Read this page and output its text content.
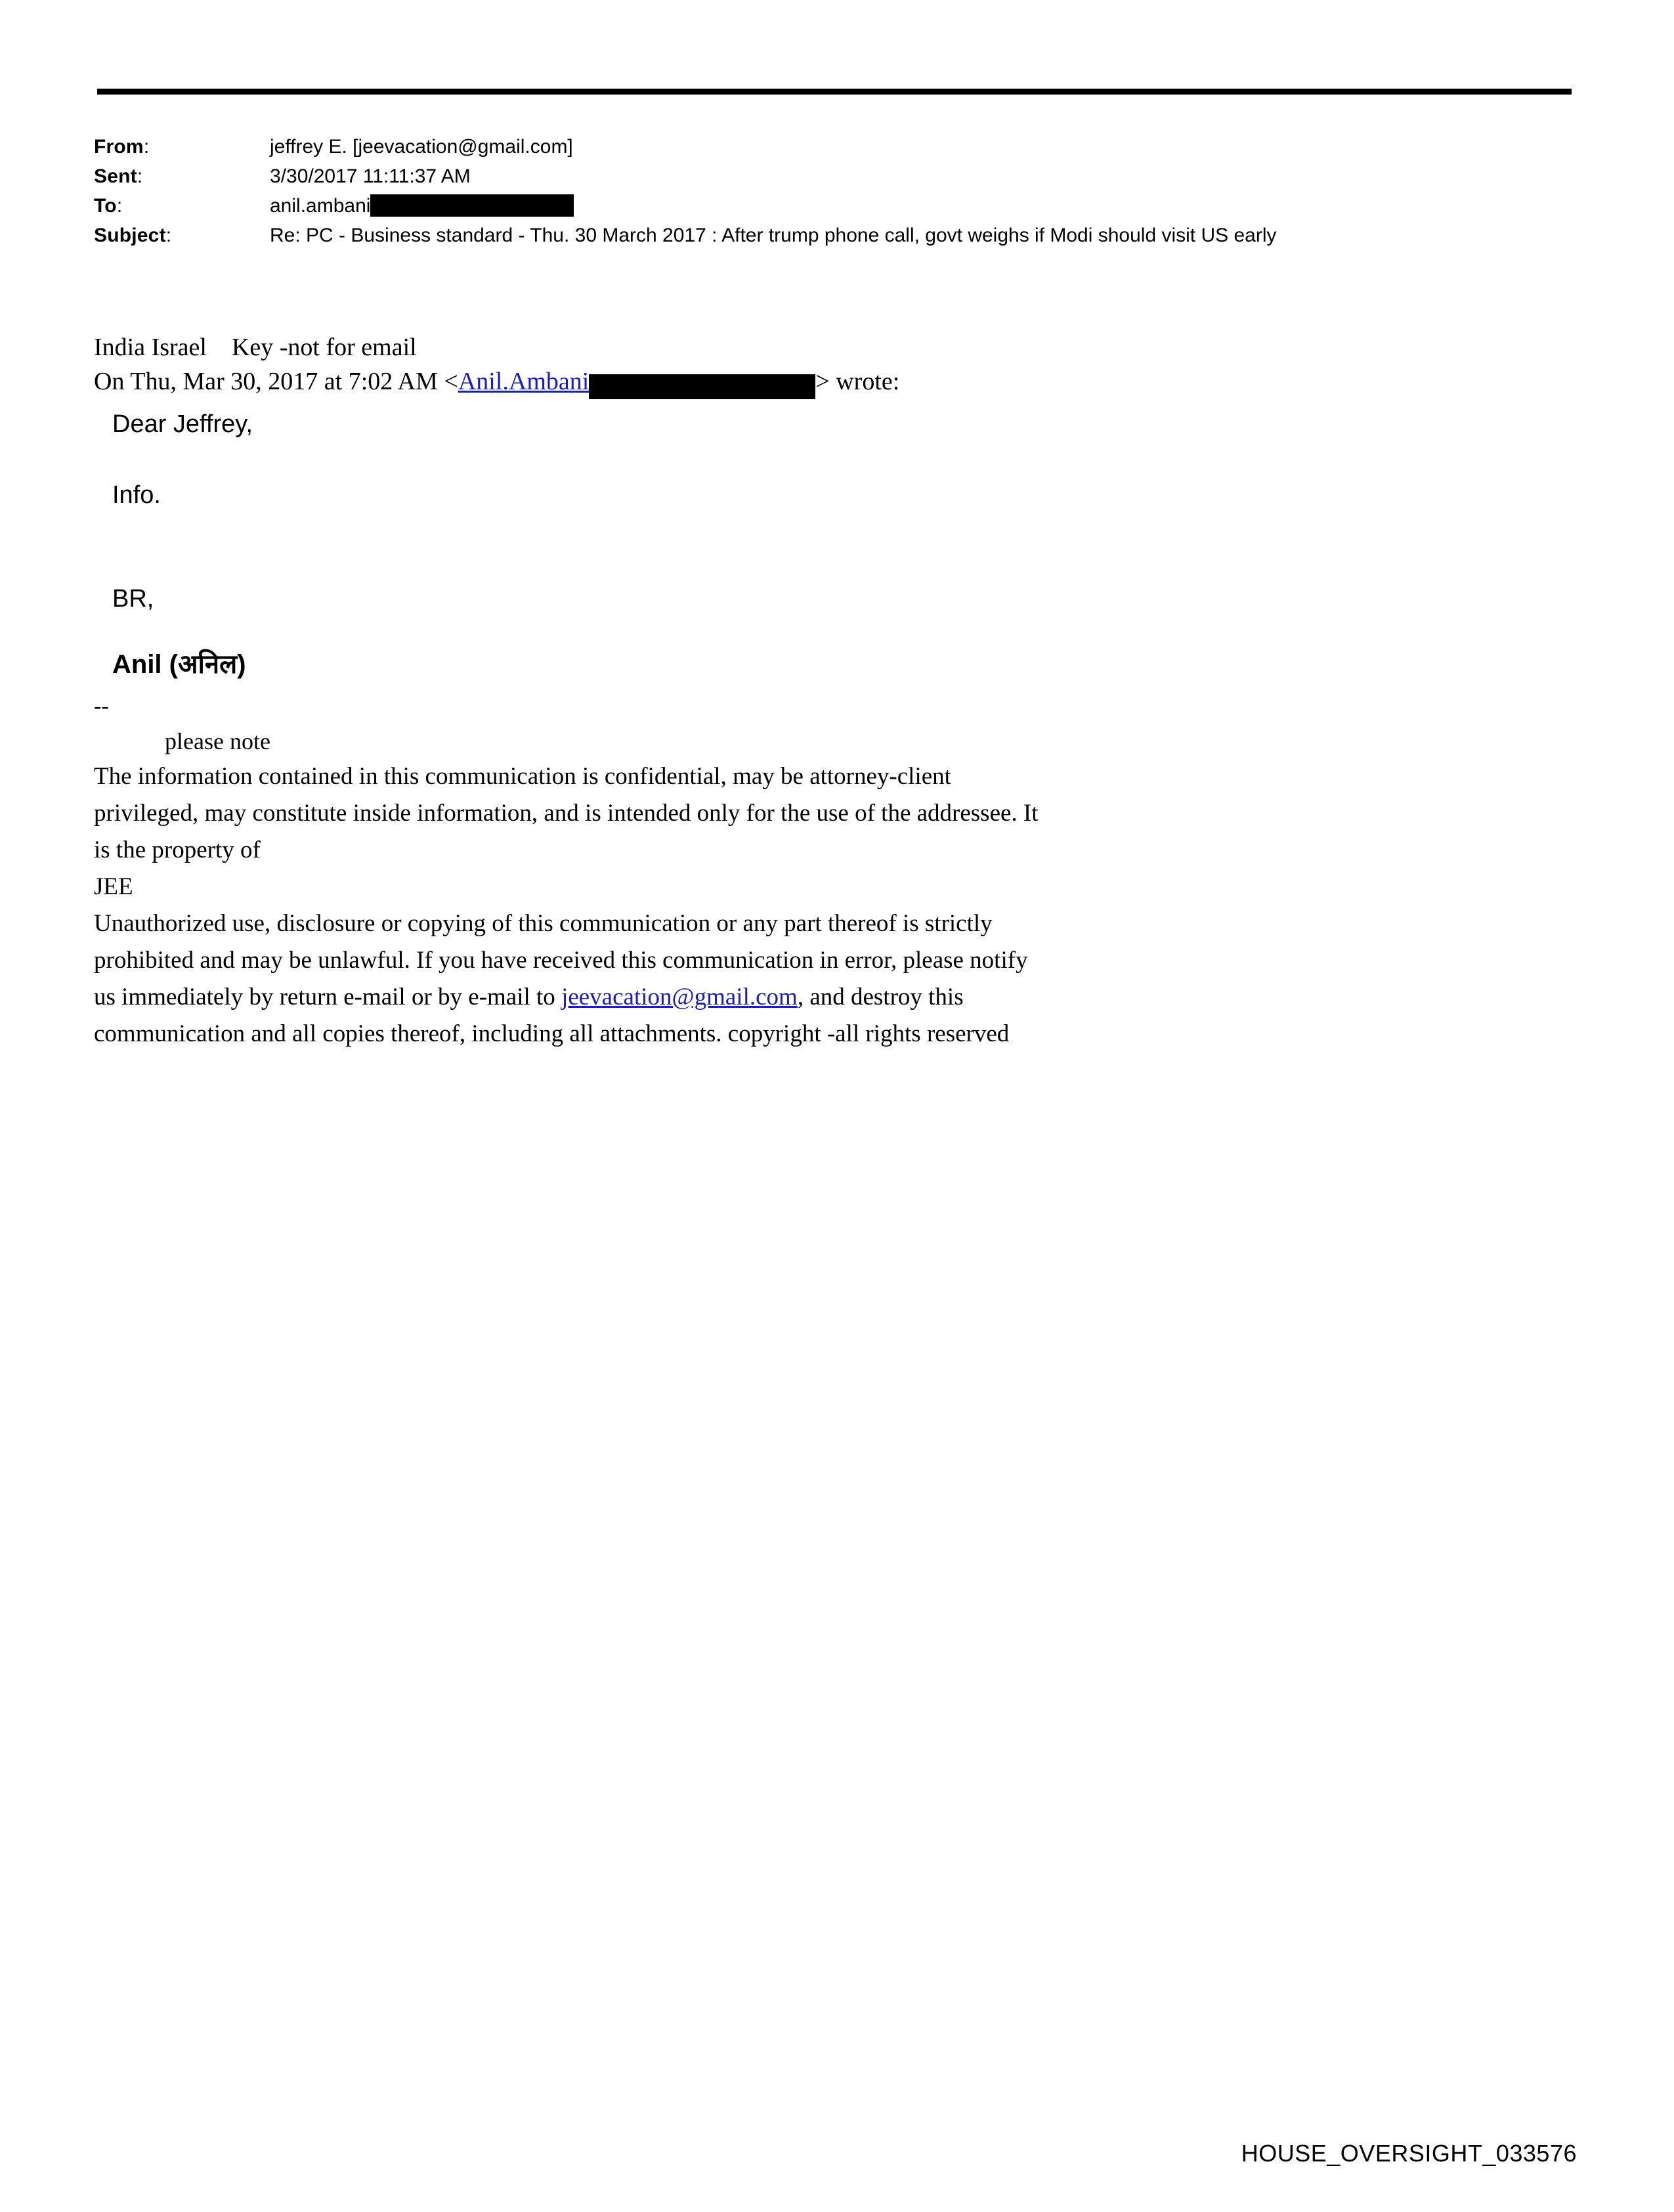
From:	jeffrey E. [jeevacation@gmail.com]
Sent:	3/30/2017 11:11:37 AM
To:	anil.ambani
Subject:	Re: PC - Business standard - Thu. 30 March 2017 : After trump phone call, govt weighs if Modi should visit US early
India Israel    Key -not for email
On Thu, Mar 30, 2017 at 7:02 AM <Anil.Ambani	> wrote:
Dear Jeffrey,
Info.
BR,
Anil (अनिल)
--
please note
The information contained in this communication is confidential, may be attorney-client privileged, may constitute inside information, and is intended only for the use of the addressee. It is the property of
JEE
Unauthorized use, disclosure or copying of this communication or any part thereof is strictly prohibited and may be unlawful. If you have received this communication in error, please notify us immediately by return e-mail or by e-mail to jeevacation@gmail.com, and destroy this communication and all copies thereof, including all attachments. copyright -all rights reserved
HOUSE_OVERSIGHT_033576
